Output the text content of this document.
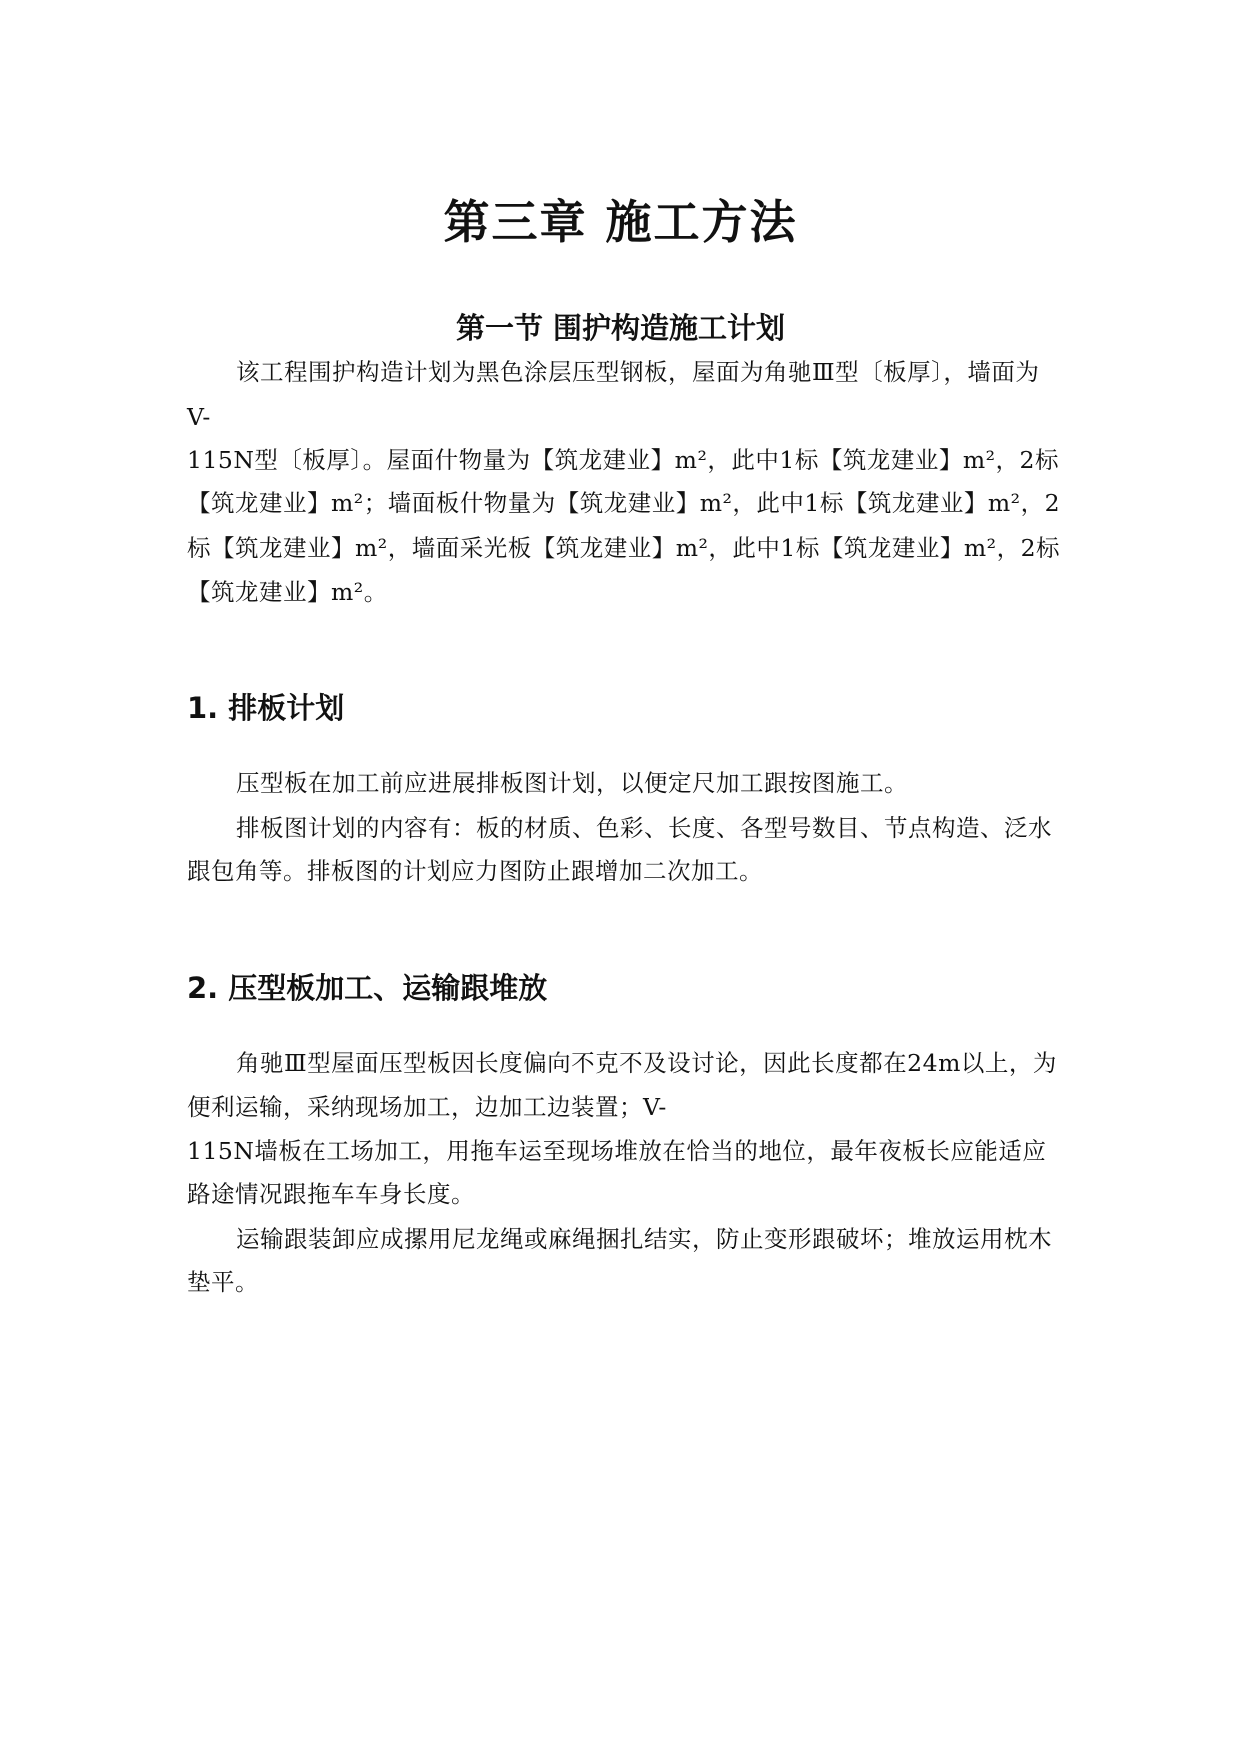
第三章 施工方法
第一节 围护构造施工计划
该工程围护构造计划为黑色涂层压型钢板，屋面为角驰Ⅲ型〔板厚〕，墙面为
V-
115N型〔板厚〕。屋面什物量为【筑龙建业】m²，此中1标【筑龙建业】m²，2标
【筑龙建业】m²；墙面板什物量为【筑龙建业】m²，此中1标【筑龙建业】m²，2
标【筑龙建业】m²，墙面采光板【筑龙建业】m²，此中1标【筑龙建业】m²，2标
【筑龙建业】m²。
1. 排板计划
压型板在加工前应进展排板图计划，以便定尺加工跟按图施工。
排板图计划的内容有：板的材质、色彩、长度、各型号数目、节点构造、泛水
跟包角等。排板图的计划应力图防止跟增加二次加工。
2. 压型板加工、运输跟堆放
角驰Ⅲ型屋面压型板因长度偏向不克不及设讨论，因此长度都在24m以上，为
便利运输，采纳现场加工，边加工边装置；V-
115N墙板在工场加工，用拖车运至现场堆放在恰当的地位，最年夜板长应能适应
路途情况跟拖车车身长度。
运输跟装卸应成摞用尼龙绳或麻绳捆扎结实，防止变形跟破坏；堆放运用枕木
垫平。
